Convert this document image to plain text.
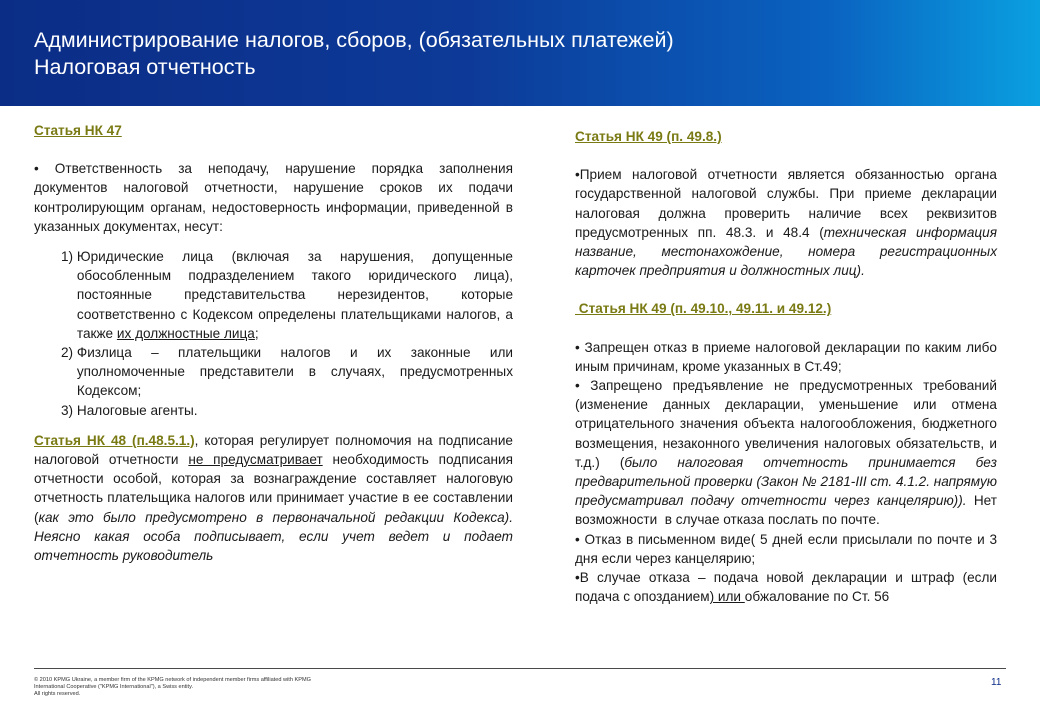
Администрирование налогов, сборов, (обязательных платежей)
Налоговая отчетность

Статья НК 47

• Ответственность за неподачу, нарушение порядка заполнения документов налоговой отчетности, нарушение сроков их подачи контролирующим органам, недостоверность информации, приведенной в указанных документах, несут:

1)
Юридические лица (включая за нарушения, допущенные обособленным подразделением такого юридического лица), постоянные представительства нерезидентов, которые соответственно с Кодексом определены плательщиками налогов, а также их должностные лица;
2)
Физлица – плательщики налогов и их законные или уполномоченные представители в случаях, предусмотренных Кодексом;
3)
Налоговые агенты.

Статья НК 48 (п.48.5.1.), которая регулирует полномочия на подписание налоговой отчетности не предусматривает необходимость подписания отчетности особой, которая за вознаграждение составляет налоговую отчетность плательщика налогов или принимает участие в ее составлении (как это было предусмотрено в первоначальной редакции Кодекса). Неясно какая особа подписывает, если учет ведет и подает отчетность руководитель

Статья НК 49 (п. 49.8.)

•Прием налоговой отчетности является обязанностью органа государственной налоговой службы. При приеме декларации налоговая должна проверить наличие всех реквизитов предусмотренных пп. 48.3. и 48.4 (техническая информация название, местонахождение, номера регистрационных карточек предприятия и должностных лиц).

Статья НК 49 (п. 49.10., 49.11. и 49.12.)

• Запрещен отказ в приеме налоговой декларации по каким либо иным причинам, кроме указанных в Ст.49;

• Запрещено предъявление не предусмотренных требований (изменение данных декларации, уменьшение или отмена отрицательного значения объекта налогообложения, бюджетного возмещения, незаконного увеличения налоговых обязательств, и т.д.) (было налоговая отчетность принимается без предварительной проверки (Закон № 2181-ІІІ ст. 4.1.2. напрямую предусматривал подачу отчетности через канцелярию)). Нет возможности  в случае отказа послать по почте.

• Отказ в письменном виде( 5 дней если присылали по почте и 3 дня если через канцелярию;

•В случае отказа – подача новой декларации и штраф (если подача с опозданием) или обжалование по Ст. 56

© 2010 KPMG Ukraine, a member firm of the KPMG network of independent member firms affiliated with KPMG
International Cooperative ("KPMG International"), a Swiss entity.
All rights reserved.
11
